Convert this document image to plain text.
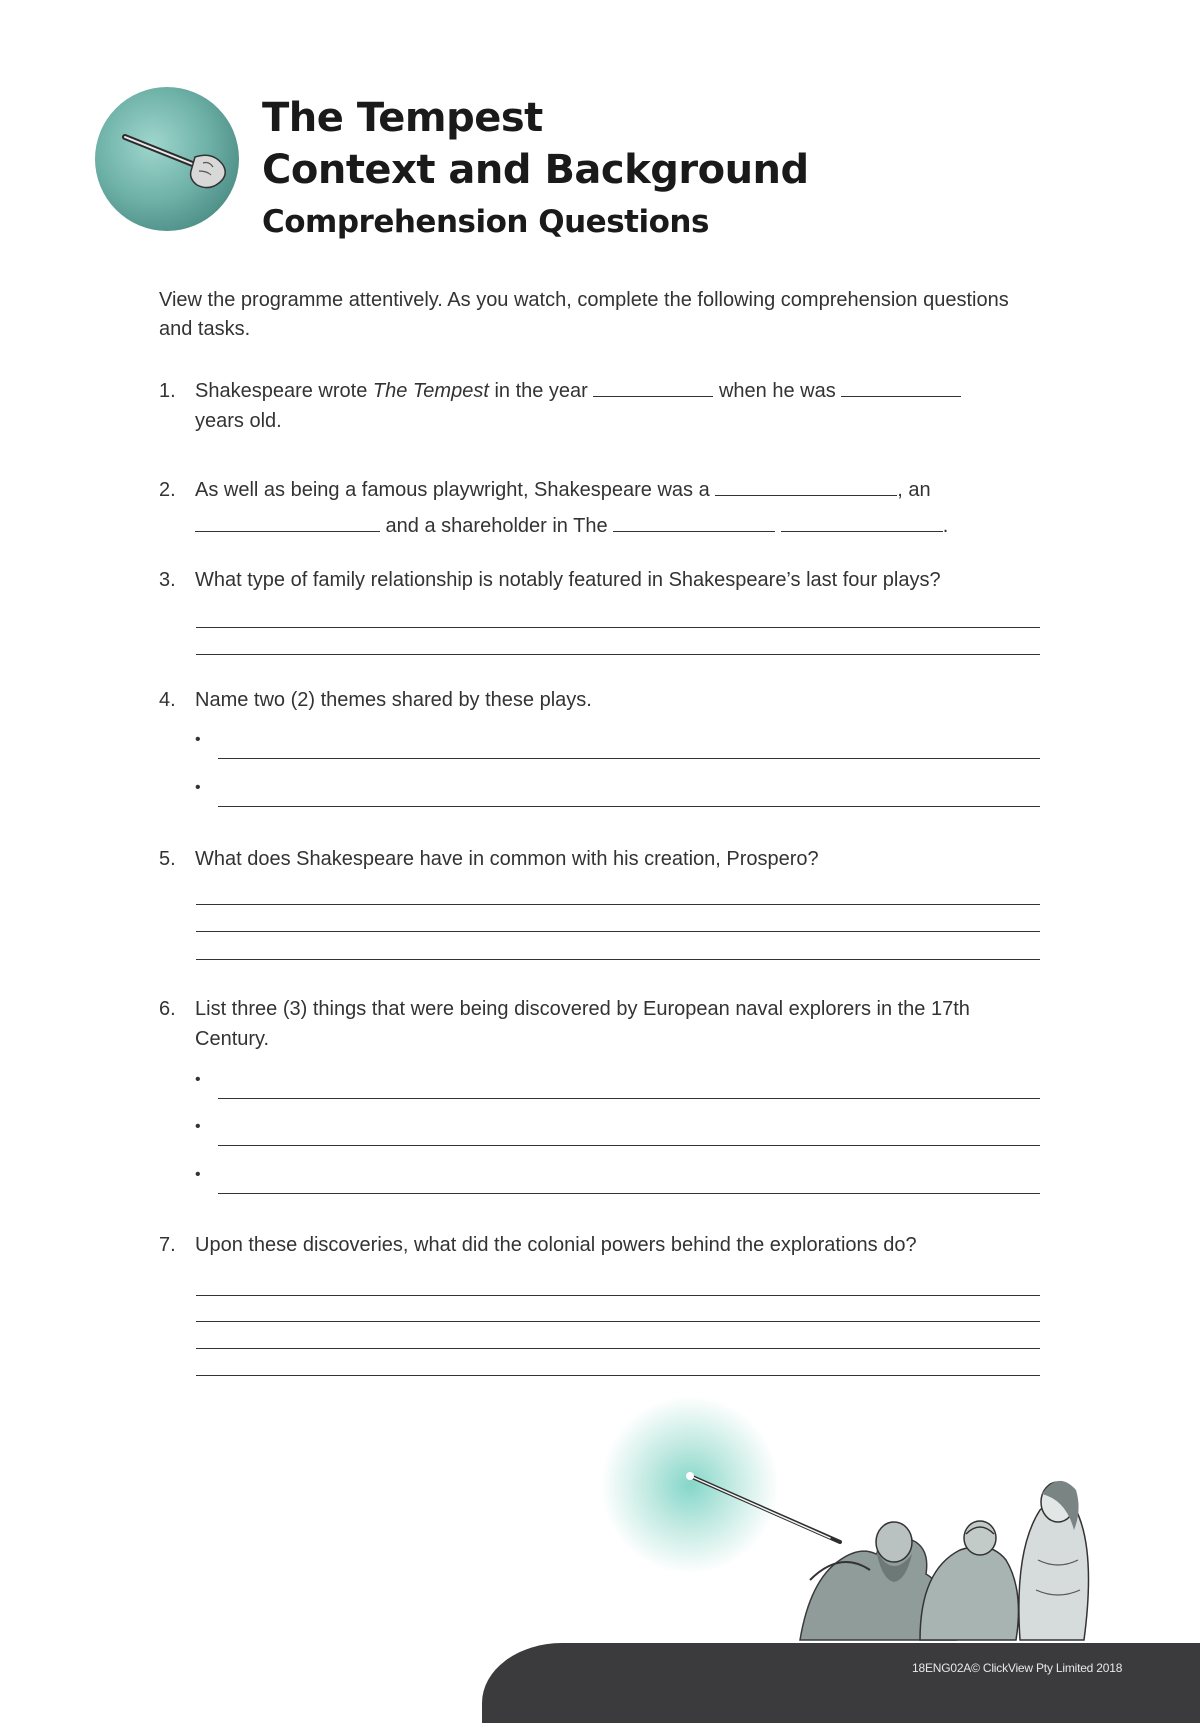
The Tempest
Context and Background
Comprehension Questions
View the programme attentively. As you watch, complete the following comprehension questions and tasks.
1. Shakespeare wrote The Tempest in the year	when he was
years old.
2. As well as being a famous playwright, Shakespeare was a	, an
and a shareholder in The	.
3. What type of family relationship is notably featured in Shakespeare’s last four plays?
4. Name two (2) themes shared by these plays.
•
•
5. What does Shakespeare have in common with his creation, Prospero?
6. List three (3) things that were being discovered by European naval explorers in the 17th Century.
•
•
•
7. Upon these discoveries, what did the colonial powers behind the explorations do?
18ENG02A© ClickView Pty Limited 2018
